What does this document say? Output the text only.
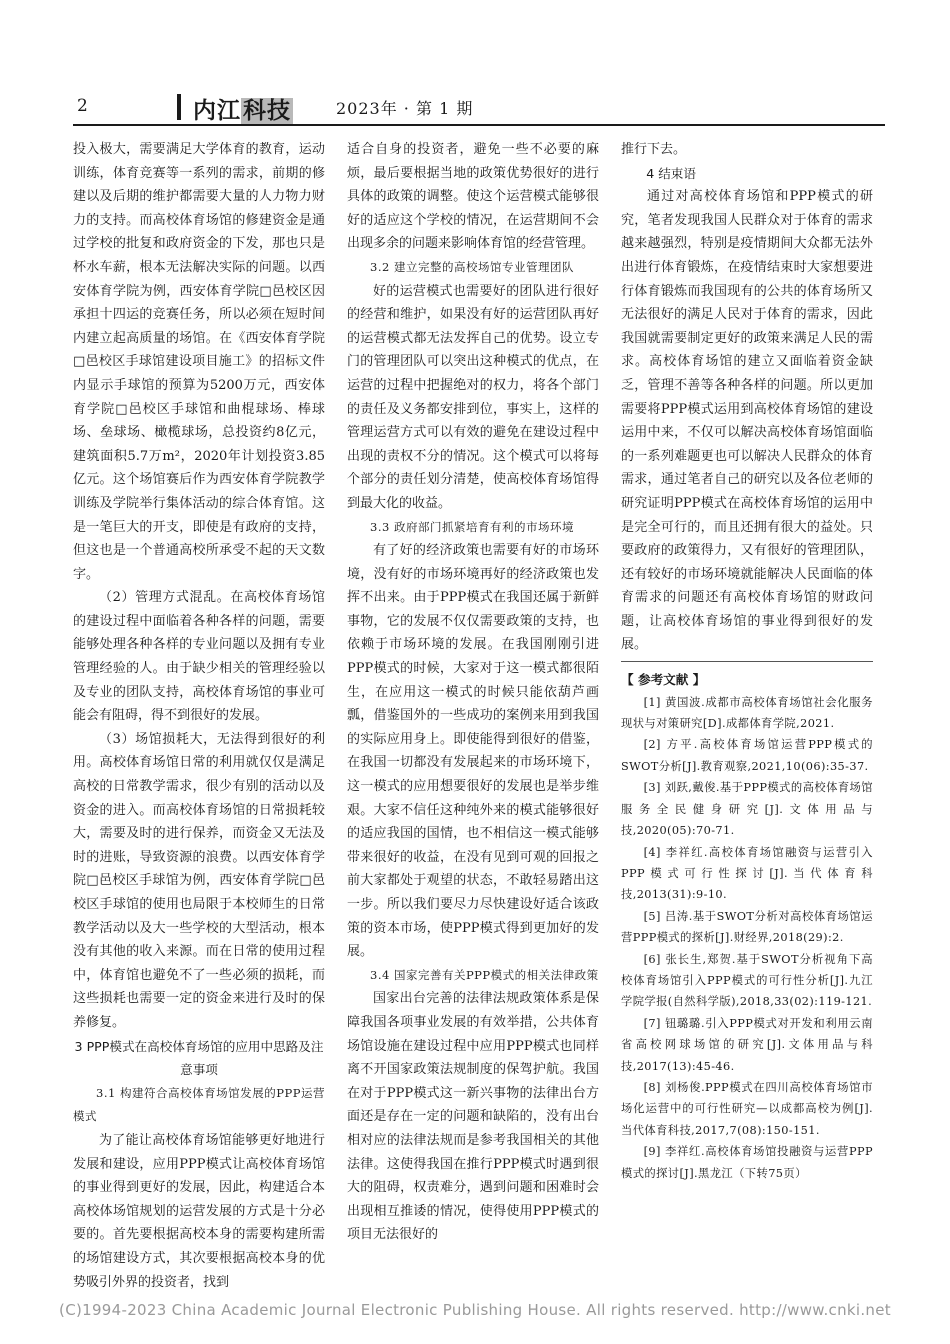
2	内江科技	2023年 · 第 1 期

投入极大，需要满足大学体育的教育，运动训练，体育竞赛等一系列的需求，前期的修建以及后期的维护都需要大量的人力物力财力的支持。而高校体育场馆的修建资金是通过学校的批复和政府资金的下发，那也只是杯水车薪，根本无法解决实际的问题。以西安体育学院为例，西安体育学院□邑校区因承担十四运的竞赛任务，所以必须在短时间内建立起高质量的场馆。在《西安体育学院□邑校区手球馆建设项目施工》的招标文件内显示手球馆的预算为5200万元，西安体育学院□邑校区手球馆和曲棍球场、棒球场、垒球场、橄榄球场，总投资约8亿元，建筑面积5.7万m²，2020年计划投资3.85亿元。这个场馆赛后作为西安体育学院教学训练及学院举行集体活动的综合体育馆。这是一笔巨大的开支，即使是有政府的支持，但这也是一个普通高校所承受不起的天文数字。

（2）管理方式混乱。在高校体育场馆的建设过程中面临着各种各样的问题，需要能够处理各种各样的专业问题以及拥有专业管理经验的人。由于缺少相关的管理经验以及专业的团队支持，高校体育场馆的事业可能会有阻碍，得不到很好的发展。

（3）场馆损耗大，无法得到很好的利用。高校体育场馆日常的利用就仅仅是满足高校的日常教学需求，很少有别的活动以及资金的进入。而高校体育场馆的日常损耗较大，需要及时的进行保养，而资金又无法及时的进账，导致资源的浪费。以西安体育学院□邑校区手球馆为例，西安体育学院□邑校区手球馆的使用也局限于本校师生的日常教学活动以及大一些学校的大型活动，根本没有其他的收入来源。而在日常的使用过程中，体育馆也避免不了一些必须的损耗，而这些损耗也需要一定的资金来进行及时的保养修复。

3 PPP模式在高校体育场馆的应用中思路及注意事项

3.1 构建符合高校体育场馆发展的PPP运营模式

为了能让高校体育场馆能够更好地进行发展和建设，应用PPP模式让高校体育场馆的事业得到更好的发展，因此，构建适合本高校体场馆规划的运营发展的方式是十分必要的。首先要根据高校本身的需要构建所需的场馆建设方式，其次要根据高校本身的优势吸引外界的投资者，找到

适合自身的投资者，避免一些不必要的麻烦，最后要根据当地的政策优势很好的进行具体的政策的调整。使这个运营模式能够很好的适应这个学校的情况，在运营期间不会出现多余的问题来影响体育馆的经营管理。

3.2 建立完整的高校场馆专业管理团队

好的运营模式也需要好的团队进行很好的经营和维护，如果没有好的运营团队再好的运营模式都无法发挥自己的优势。设立专门的管理团队可以突出这种模式的优点，在运营的过程中把握绝对的权力，将各个部门的责任及义务都安排到位，事实上，这样的管理运营方式可以有效的避免在建设过程中出现的责权不分的情况。这个模式可以将每个部分的责任划分清楚，使高校体育场馆得到最大化的收益。

3.3 政府部门抓紧培育有利的市场环境

有了好的经济政策也需要有好的市场环境，没有好的市场环境再好的经济政策也发挥不出来。由于PPP模式在我国还属于新鲜事物，它的发展不仅仅需要政策的支持，也依赖于市场环境的发展。在我国刚刚引进PPP模式的时候，大家对于这一模式都很陌生，在应用这一模式的时候只能依葫芦画瓢，借鉴国外的一些成功的案例来用到我国的实际应用身上。即使能得到很好的借鉴，在我国一切都没有发展起来的市场环境下，这一模式的应用想要很好的发展也是举步维艰。大家不信任这种纯外来的模式能够很好的适应我国的国情，也不相信这一模式能够带来很好的收益，在没有见到可观的回报之前大家都处于观望的状态，不敢轻易踏出这一步。所以我们要尽力尽快建设好适合该政策的资本市场，使PPP模式得到更加好的发展。

3.4 国家完善有关PPP模式的相关法律政策

国家出台完善的法律法规政策体系是保障我国各项事业发展的有效举措，公共体育场馆设施在建设过程中应用PPP模式也同样离不开国家政策法规制度的保驾护航。我国在对于PPP模式这一新兴事物的法律出台方面还是存在一定的问题和缺陷的，没有出台相对应的法律法规而是参考我国相关的其他法律。这使得我国在推行PPP模式时遇到很大的阻碍，权责难分，遇到问题和困难时会出现相互推诿的情况，使得使用PPP模式的项目无法很好的

推行下去。

4 结束语

通过对高校体育场馆和PPP模式的研究，笔者发现我国人民群众对于体育的需求越来越强烈，特别是疫情期间大众都无法外出进行体育锻炼，在疫情结束时大家想要进行体育锻炼而我国现有的公共的体育场所又无法很好的满足人民对于体育的需求，因此我国就需要制定更好的政策来满足人民的需求。高校体育场馆的建立又面临着资金缺乏，管理不善等各种各样的问题。所以更加需要将PPP模式运用到高校体育场馆的建设运用中来，不仅可以解决高校体育场馆面临的一系列难题更也可以解决人民群众的体育需求，通过笔者自己的研究以及各位老师的研究证明PPP模式在高校体育场馆的运用中是完全可行的，而且还拥有很大的益处。只要政府的政策得力，又有很好的管理团队，还有较好的市场环境就能解决人民面临的体育需求的问题还有高校体育场馆的财政问题，让高校体育场馆的事业得到很好的发展。

【 参考文献 】

[1] 黄国波.成都市高校体育场馆社会化服务现状与对策研究[D].成都体育学院,2021.

[2] 方平.高校体育场馆运营PPP模式的SWOT分析[J].教育观察,2021,10(06):35-37.

[3] 刘跃,戴俊.基于PPP模式的高校体育场馆服务全民健身研究[J].文体用品与技,2020(05):70-71.

[4] 李祥红.高校体育场馆融资与运营引入PPP模式可行性探讨[J].当代体育科技,2013(31):9-10.

[5] 吕涛.基于SWOT分析对高校体育场馆运营PPP模式的探析[J].财经界,2018(29):2.

[6] 张长生,郑贺.基于SWOT分析视角下高校体育场馆引入PPP模式的可行性分析[J].九江学院学报(自然科学版),2018,33(02):119-121.

[7] 钮璐璐.引入PPP模式对开发和利用云南省高校网球场馆的研究[J].文体用品与科技,2017(13):45-46.

[8] 刘杨俊.PPP模式在四川高校体育场馆市场化运营中的可行性研究—以成都高校为例[J].当代体育科技,2017,7(08):150-151.

[9] 李祥红.高校体育场馆投融资与运营PPP模式的探讨[J].黑龙江（下转75页）

(C)1994-2023 China Academic Journal Electronic Publishing House. All rights reserved. http://www.cnki.net
